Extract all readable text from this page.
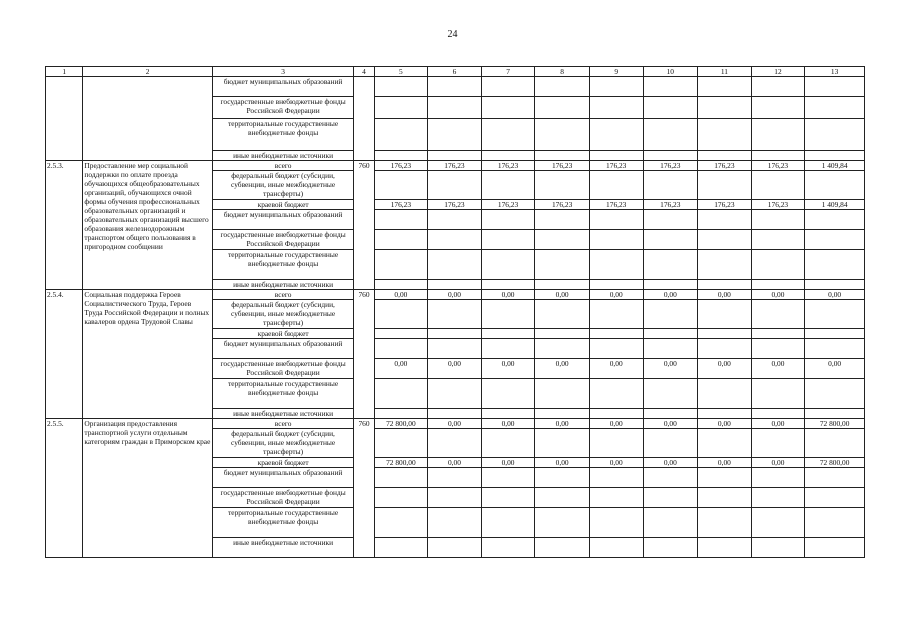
24
1	2	3	4	5	6	7	8	9	10	11	12	13
		бюджет муниципальных образований										
		государственные внебюджетные фонды Российской Федерации										
		территориальные государственные внебюджетные фонды										
		иные внебюджетные источники										
2.5.3.	Предоставление мер социальной поддержки по оплате проезда обучающихся общеобразовательных организаций, обучающихся очной формы обучения профессиональных образовательных организаций и образовательных организаций высшего образования железнодорожным транспортом общего пользования в пригородном сообщении	всего	760	176,23	176,23	176,23	176,23	176,23	176,23	176,23	176,23	1 409,84
		федеральный бюджет (субсидии, субвенции, иные межбюджетные трансферты)										
		краевой бюджет		176,23	176,23	176,23	176,23	176,23	176,23	176,23	176,23	1 409,84
		бюджет муниципальных образований										
		государственные внебюджетные фонды Российской Федерации										
		территориальные государственные внебюджетные фонды										
		иные внебюджетные источники										
2.5.4.	Социальная поддержка Героев Социалистического Труда, Героев Труда Российской Федерации и полных кавалеров ордена Трудовой Славы	всего	760	0,00	0,00	0,00	0,00	0,00	0,00	0,00	0,00	0,00
		федеральный бюджет (субсидии, субвенции, иные межбюджетные трансферты)										
		краевой бюджет										
		бюджет муниципальных образований										
		государственные внебюджетные фонды Российской Федерации		0,00	0,00	0,00	0,00	0,00	0,00	0,00	0,00	0,00
		территориальные государственные внебюджетные фонды										
		иные внебюджетные источники										
2.5.5.	Организация предоставления транспортной услуги отдельным категориям граждан в Приморском крае	всего	760	72 800,00	0,00	0,00	0,00	0,00	0,00	0,00	0,00	72 800,00
		федеральный бюджет (субсидии, субвенции, иные межбюджетные трансферты)										
		краевой бюджет		72 800,00	0,00	0,00	0,00	0,00	0,00	0,00	0,00	72 800,00
		бюджет муниципальных образований										
		государственные внебюджетные фонды Российской Федерации										
		территориальные государственные внебюджетные фонды										
		иные внебюджетные источники										
